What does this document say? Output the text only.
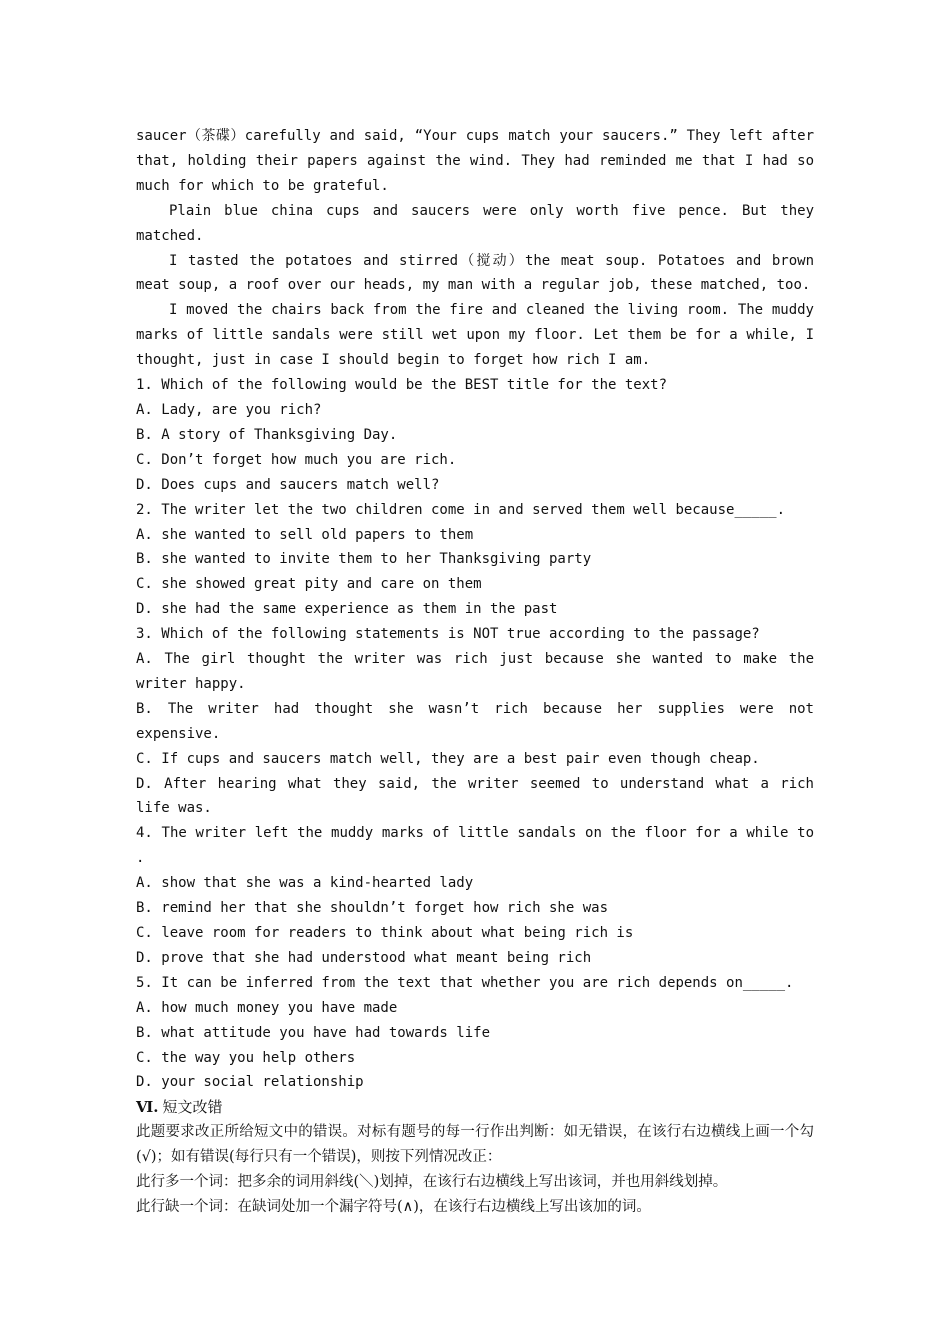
saucer（茶碟）carefully and said, “Your cups match your saucers.” They left after that, holding their papers against the wind. They had reminded me that I had so much for which to be grateful.

Plain blue china cups and saucers were only worth five pence. But they matched.

I tasted the potatoes and stirred（搅动）the meat soup. Potatoes and brown meat soup, a roof over our heads, my man with a regular job, these matched, too.

I moved the chairs back from the fire and cleaned the living room. The muddy marks of little sandals were still wet upon my floor. Let them be for a while, I thought, just in case I should begin to forget how rich I am.

1. Which of the following would be the BEST title for the text?

A. Lady, are you rich?

B. A story of Thanksgiving Day.

C. Don’t forget how much you are rich.

D. Does cups and saucers match well?

2. The writer let the two children come in and served them well because_____.

A. she wanted to sell old papers to them

B. she wanted to invite them to her Thanksgiving party

C. she showed great pity and care on them

D. she had the same experience as them in the past

3. Which of the following statements is NOT true according to the passage?

A. The girl thought the writer was rich just because she wanted to make the writer happy.

B. The writer had thought she wasn’t rich because her supplies were not expensive.

C. If cups and saucers match well, they are a best pair even though cheap.

D. After hearing what they said, the writer seemed to understand what a rich life was.

4. The writer left the muddy marks of little sandals on the floor for a while to .

A. show that she was a kind-hearted lady

B. remind her that she shouldn’t forget how rich she was

C. leave room for readers to think about what being rich is

D. prove that she had understood what meant being rich

5. It can be inferred from the text that whether you are rich depends on_____.

A. how much money you have made

B. what attitude you have had towards life

C. the way you help others

D. your social relationship

Ⅵ. 短文改错

此题要求改正所给短文中的错误。对标有题号的每一行作出判断：如无错误，在该行右边横线上画一个勾(√)；如有错误(每行只有一个错误)，则按下列情况改正：

此行多一个词：把多余的词用斜线(＼)划掉，在该行右边横线上写出该词，并也用斜线划掉。

此行缺一个词：在缺词处加一个漏字符号(∧)，在该行右边横线上写出该加的词。
